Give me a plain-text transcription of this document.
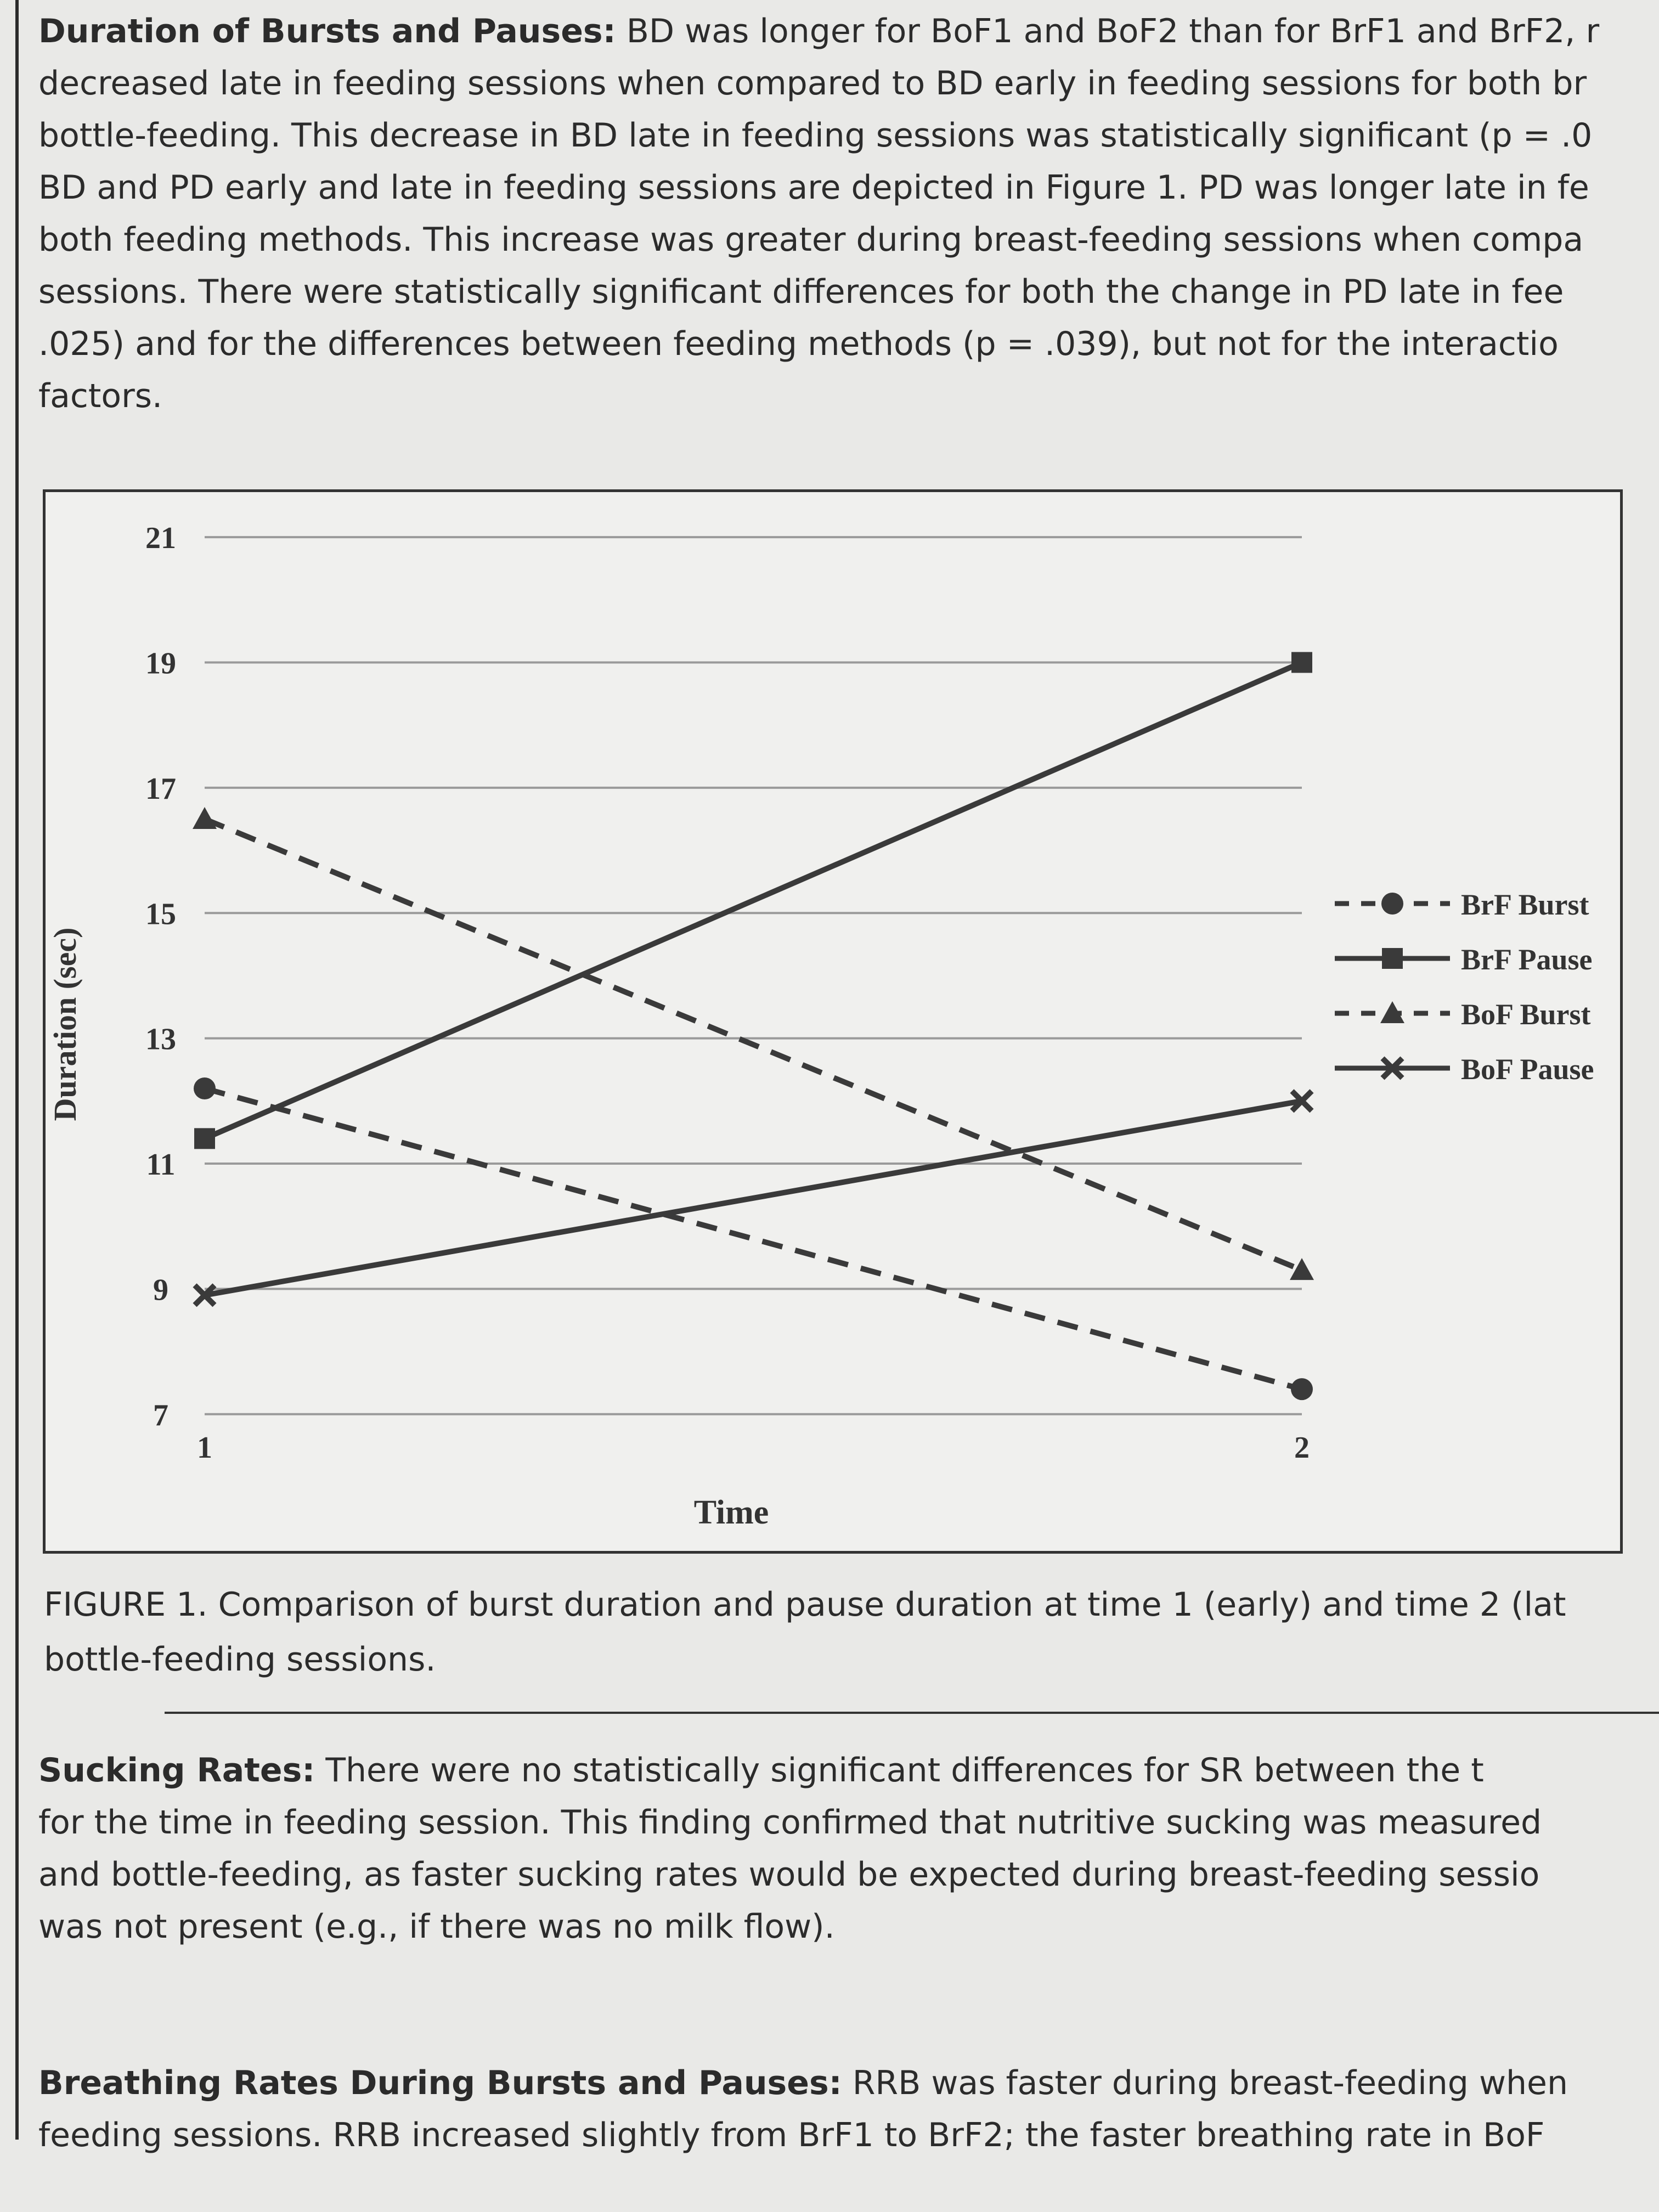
Duration of Bursts and Pauses: BD was longer for BoF1 and BoF2 than for BrF1 and BrF2, r
decreased late in feeding sessions when compared to BD early in feeding sessions for both br
bottle-feeding. This decrease in BD late in feeding sessions was statistically significant (p = .0
BD and PD early and late in feeding sessions are depicted in Figure 1. PD was longer late in fe
both feeding methods. This increase was greater during breast-feeding sessions when compa
sessions. There were statistically significant differences for both the change in PD late in fee
.025) and for the differences between feeding methods (p = .039), but not for the interactio
factors.

7
9
11
13
15
17
19
21
1	2
BrF Burst
BrF Pause
BoF Burst
BoF Pause
Duration (sec)
Time
FIGURE 1. Comparison of burst duration and pause duration at time 1 (early) and time 2 (lat
bottle-feeding sessions.

Sucking Rates: There were no statistically significant differences for SR between the t
for the time in feeding session. This finding confirmed that nutritive sucking was measured
and bottle-feeding, as faster sucking rates would be expected during breast-feeding sessio
was not present (e.g., if there was no milk flow).

Breathing Rates During Bursts and Pauses: RRB was faster during breast-feeding when
feeding sessions. RRB increased slightly from BrF1 to BrF2; the faster breathing rate in BoF
